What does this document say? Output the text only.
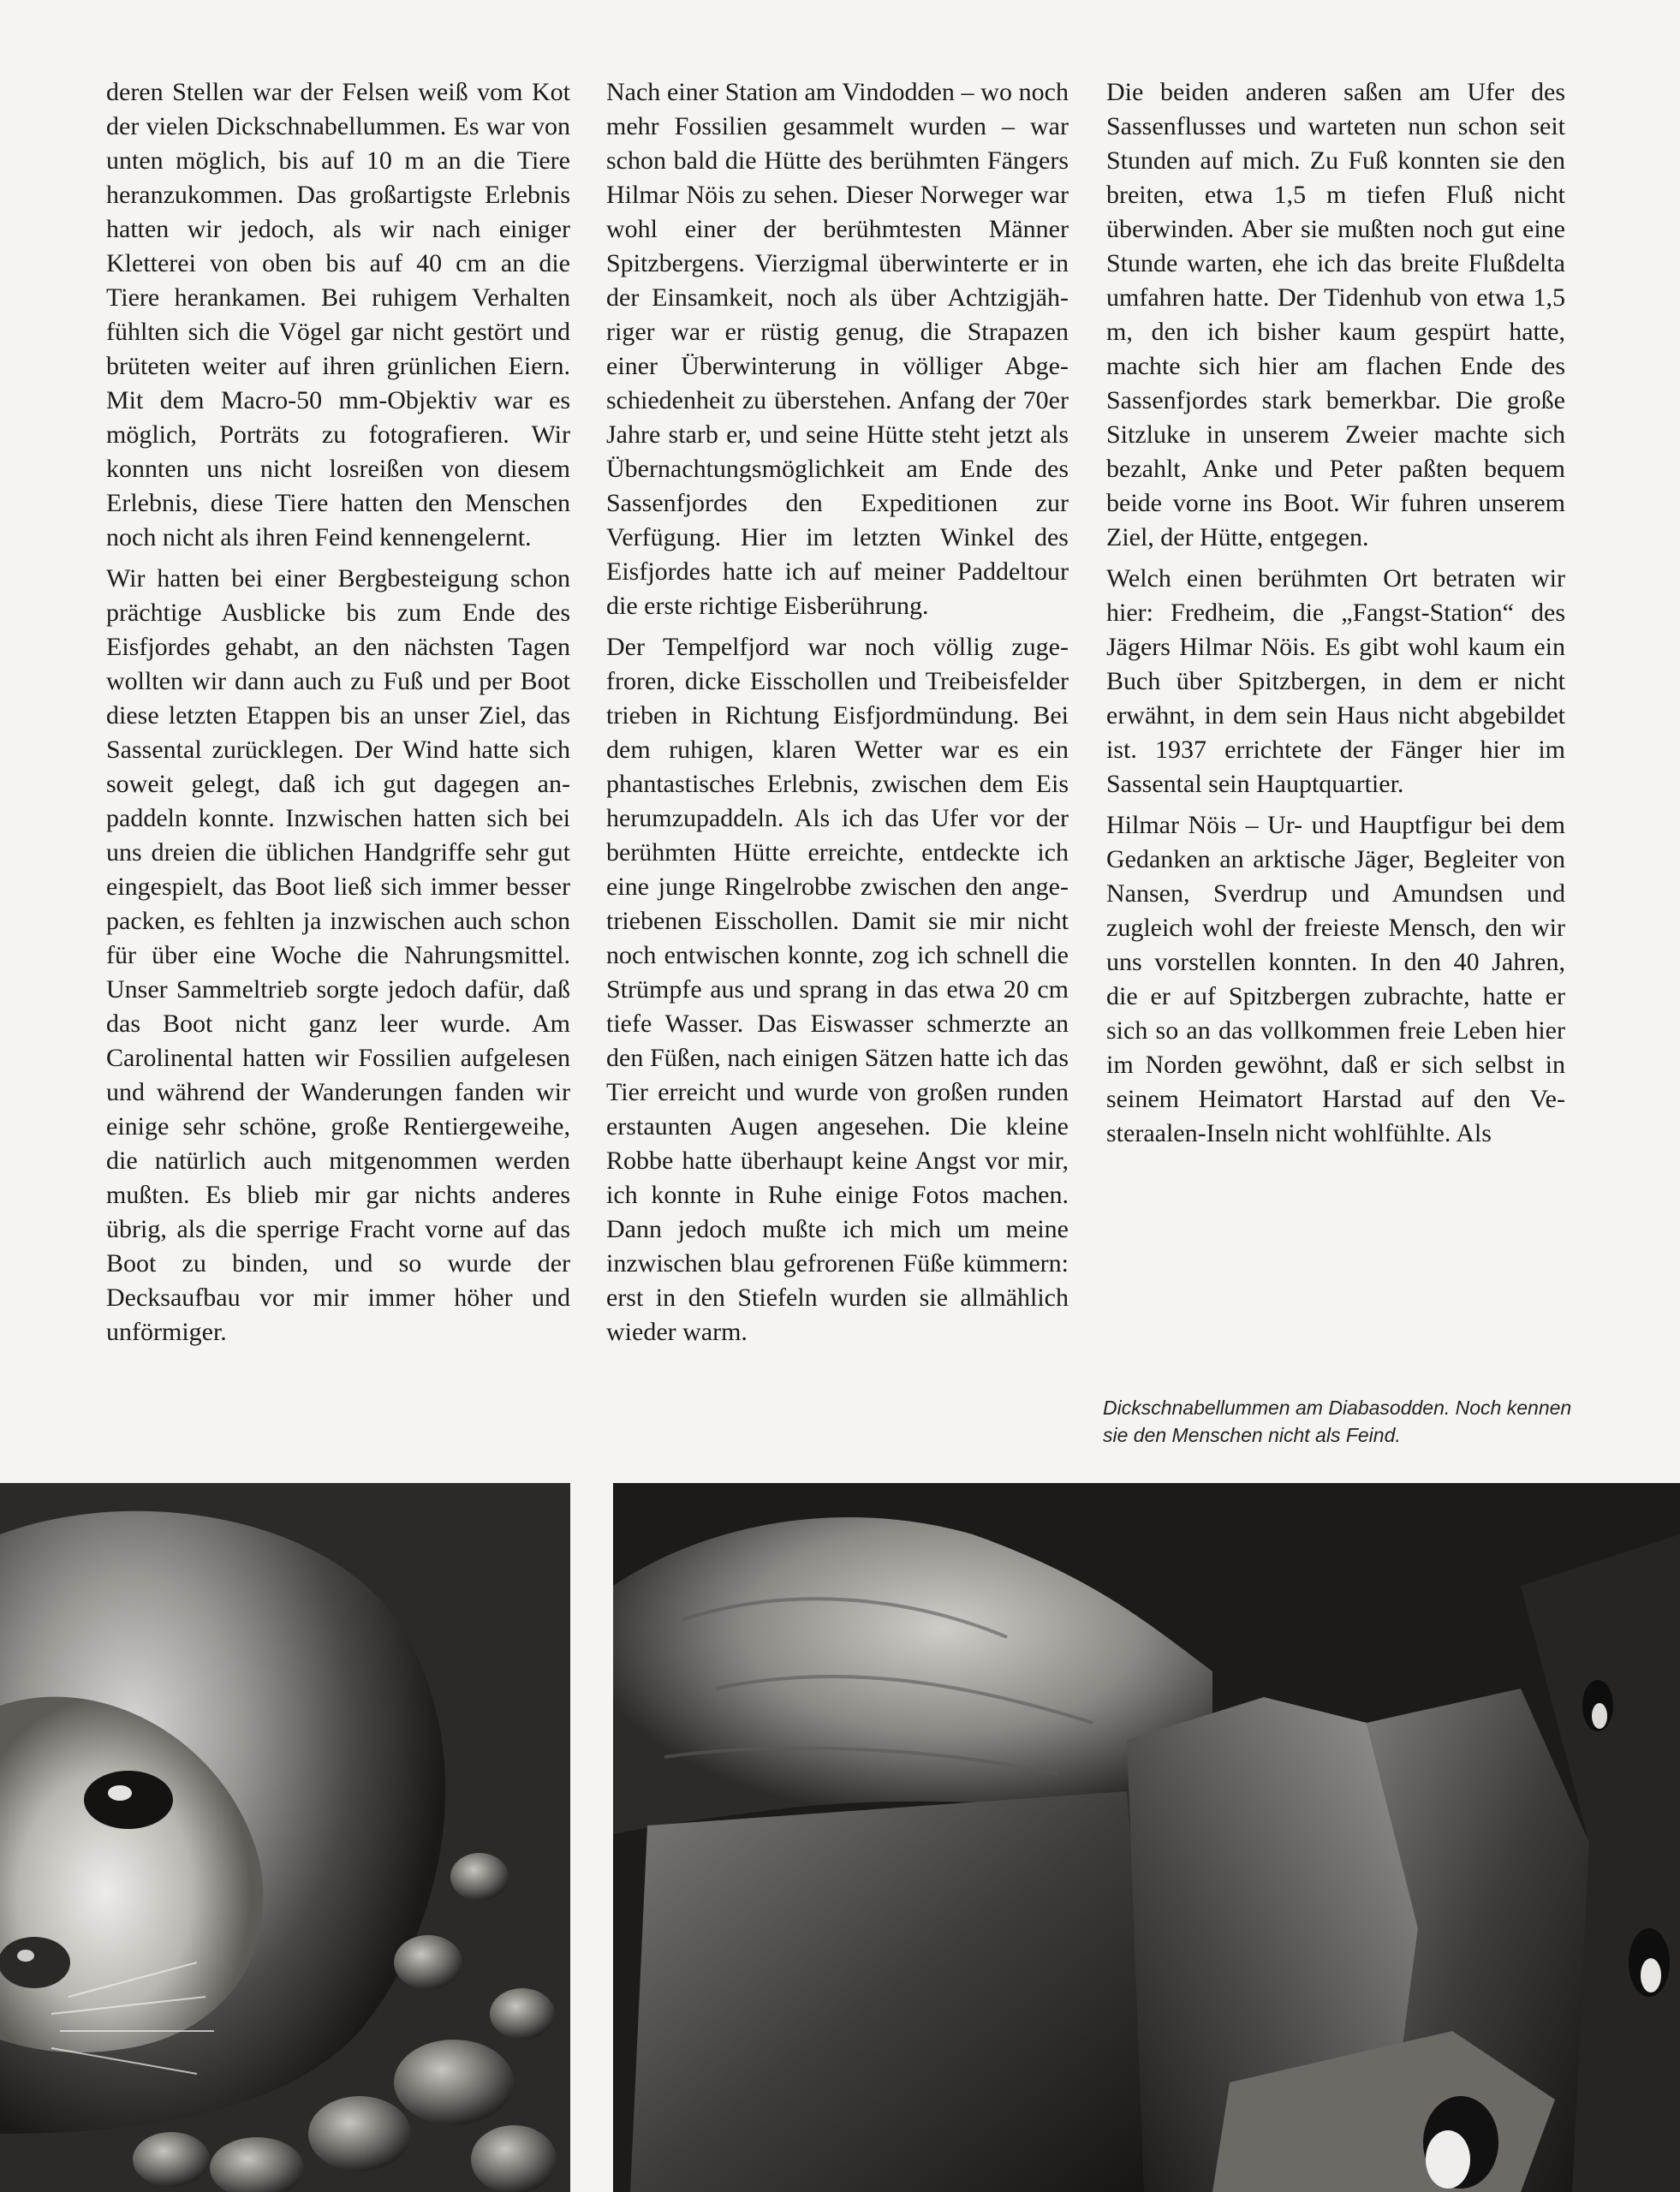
deren Stellen war der Felsen weiß vom Kot der vielen Dickschnabellummen. Es war von unten möglich, bis auf 10 m an die Tiere heranzukommen. Das großartigste Erlebnis hatten wir jedoch, als wir nach einiger Kletterei von oben bis auf 40 cm an die Tiere herankamen. Bei ruhigem Verhalten fühlten sich die Vögel gar nicht gestört und brüteten weiter auf ihren grünlichen Eiern. Mit dem Macro-50 mm-Objektiv war es möglich, Porträts zu fotografieren. Wir konnten uns nicht losreißen von diesem Erlebnis, diese Tiere hatten den Menschen noch nicht als ihren Feind kennengelernt.

Wir hatten bei einer Bergbesteigung schon prächtige Ausblicke bis zum Ende des Eisfjordes gehabt, an den nächsten Tagen wollten wir dann auch zu Fuß und per Boot diese letzten Etappen bis an unser Ziel, das Sassental zurücklegen. Der Wind hatte sich soweit gelegt, daß ich gut dagegen anpaddeln konnte. Inzwischen hatten sich bei uns dreien die üblichen Handgriffe sehr gut eingespielt, das Boot ließ sich immer besser packen, es fehlten ja inzwischen auch schon für über eine Woche die Nahrungsmittel. Unser Sammeltrieb sorgte jedoch dafür, daß das Boot nicht ganz leer wurde. Am Carolinental hatten wir Fossilien aufgelesen und während der Wanderungen fanden wir einige sehr schöne, große Rentiergeweihe, die natürlich auch mitgenommen werden mußten. Es blieb mir gar nichts anderes übrig, als die sperrige Fracht vorne auf das Boot zu binden, und so wurde der Decksaufbau vor mir immer höher und unförmiger.

Nach einer Station am Vindodden – wo noch mehr Fossilien gesammelt wurden – war schon bald die Hütte des berühmten Fängers Hilmar Nöis zu sehen. Dieser Norweger war wohl einer der berühmtesten Männer Spitzbergens. Vierzigmal überwinterte er in der Einsamkeit, noch als über Achtzigjähriger war er rüstig genug, die Strapazen einer Überwinterung in völliger Abgeschiedenheit zu überstehen. Anfang der 70er Jahre starb er, und seine Hütte steht jetzt als Übernachtungsmöglichkeit am Ende des Sassenfjordes den Expeditionen zur Verfügung. Hier im letzten Winkel des Eisfjordes hatte ich auf meiner Paddeltour die erste richtige Eisberührung.

Der Tempelfjord war noch völlig zugefroren, dicke Eisschollen und Treibeisfelder trieben in Richtung Eisfjordmündung. Bei dem ruhigen, klaren Wetter war es ein phantastisches Erlebnis, zwischen dem Eis herumzupaddeln. Als ich das Ufer vor der berühmten Hütte erreichte, entdeckte ich eine junge Ringelrobbe zwischen den angetriebenen Eisschollen. Damit sie mir nicht noch entwischen konnte, zog ich schnell die Strümpfe aus und sprang in das etwa 20 cm tiefe Wasser. Das Eiswasser schmerzte an den Füßen, nach einigen Sätzen hatte ich das Tier erreicht und wurde von großen runden erstaunten Augen angesehen. Die kleine Robbe hatte überhaupt keine Angst vor mir, ich konnte in Ruhe einige Fotos machen. Dann jedoch mußte ich mich um meine inzwischen blau gefrorenen Füße kümmern: erst in den Stiefeln wurden sie allmählich wieder warm.

Die beiden anderen saßen am Ufer des Sassenflusses und warteten nun schon seit Stunden auf mich. Zu Fuß konnten sie den breiten, etwa 1,5 m tiefen Fluß nicht überwinden. Aber sie mußten noch gut eine Stunde warten, ehe ich das breite Flußdelta umfahren hatte. Der Tidenhub von etwa 1,5 m, den ich bisher kaum gespürt hatte, machte sich hier am flachen Ende des Sassenfjordes stark bemerkbar. Die große Sitzluke in unserem Zweier machte sich bezahlt, Anke und Peter paßten bequem beide vorne ins Boot. Wir fuhren unserem Ziel, der Hütte, entgegen.

Welch einen berühmten Ort betraten wir hier: Fredheim, die „Fangst-Station“ des Jägers Hilmar Nöis. Es gibt wohl kaum ein Buch über Spitzbergen, in dem er nicht erwähnt, in dem sein Haus nicht abgebildet ist. 1937 errichtete der Fänger hier im Sassental sein Hauptquartier.

Hilmar Nöis – Ur- und Hauptfigur bei dem Gedanken an arktische Jäger, Begleiter von Nansen, Sverdrup und Amundsen und zugleich wohl der freieste Mensch, den wir uns vorstellen konnten. In den 40 Jahren, die er auf Spitzbergen zubrachte, hatte er sich so an das vollkommen freie Leben hier im Norden gewöhnt, daß er sich selbst in seinem Heimatort Harstad auf den Vesteraalen-Inseln nicht wohlfühlte. Als

Dickschnabellummen am Diabasodden. Noch kennen sie den Menschen nicht als Feind.
